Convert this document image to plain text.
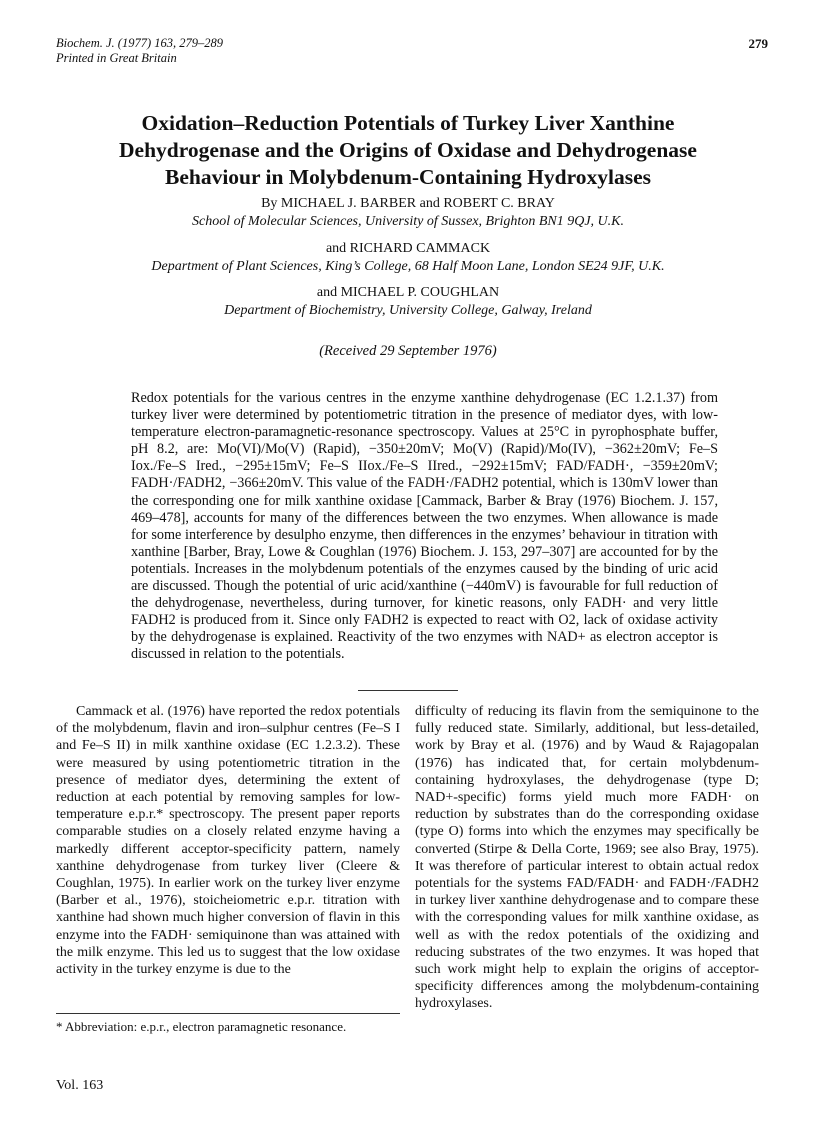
Biochem. J. (1977) 163, 279–289
Printed in Great Britain
279
Oxidation–Reduction Potentials of Turkey Liver Xanthine
Dehydrogenase and the Origins of Oxidase and Dehydrogenase
Behaviour in Molybdenum-Containing Hydroxylases
By MICHAEL J. BARBER and ROBERT C. BRAY
School of Molecular Sciences, University of Sussex, Brighton BN1 9QJ, U.K.
and RICHARD CAMMACK
Department of Plant Sciences, King’s College, 68 Half Moon Lane, London SE24 9JF, U.K.
and MICHAEL P. COUGHLAN
Department of Biochemistry, University College, Galway, Ireland
(Received 29 September 1976)

Redox potentials for the various centres in the enzyme xanthine dehydrogenase (EC 1.2.1.37) from turkey liver were determined by potentiometric titration in the presence of mediator dyes, with low-temperature electron-paramagnetic-resonance spectroscopy. Values at 25°C in pyrophosphate buffer, pH 8.2, are: Mo(VI)/Mo(V) (Rapid), −350±20mV; Mo(V) (Rapid)/Mo(IV), −362±20mV; Fe–S Iox./Fe–S Ired., −295±15mV; Fe–S IIox./Fe–S IIred., −292±15mV; FAD/FADH·, −359±20mV; FADH·/FADH2, −366±20mV. This value of the FADH·/FADH2 potential, which is 130mV lower than the corresponding one for milk xanthine oxidase [Cammack, Barber & Bray (1976) Biochem. J. 157, 469–478], accounts for many of the differences between the two enzymes. When allowance is made for some interference by desulpho enzyme, then differences in the enzymes’ behaviour in titration with xanthine [Barber, Bray, Lowe & Coughlan (1976) Biochem. J. 153, 297–307] are accounted for by the potentials. Increases in the molybdenum potentials of the enzymes caused by the binding of uric acid are discussed. Though the potential of uric acid/xanthine (−440mV) is favourable for full reduction of the dehydrogenase, nevertheless, during turnover, for kinetic reasons, only FADH· and very little FADH2 is produced from it. Since only FADH2 is expected to react with O2, lack of oxidase activity by the dehydrogenase is explained. Reactivity of the two enzymes with NAD+ as electron acceptor is discussed in relation to the potentials.

Cammack et al. (1976) have reported the redox potentials of the molybdenum, flavin and iron–sulphur centres (Fe–S I and Fe–S II) in milk xanthine oxidase (EC 1.2.3.2). These were measured by using potentiometric titration in the presence of mediator dyes, determining the extent of reduction at each potential by removing samples for low-temperature e.p.r.* spectroscopy. The present paper reports comparable studies on a closely related enzyme having a markedly different acceptor-specificity pattern, namely xanthine dehydrogenase from turkey liver (Cleere & Coughlan, 1975). In earlier work on the turkey liver enzyme (Barber et al., 1976), stoicheiometric e.p.r. titration with xanthine had shown much higher conversion of flavin in this enzyme into the FADH· semiquinone than was attained with the milk enzyme. This led us to suggest that the low oxidase activity in the turkey enzyme is due to the

difficulty of reducing its flavin from the semiquinone to the fully reduced state. Similarly, additional, but less-detailed, work by Bray et al. (1976) and by Waud & Rajagopalan (1976) has indicated that, for certain molybdenum-containing hydroxylases, the dehydrogenase (type D; NAD+-specific) forms yield much more FADH· on reduction by substrates than do the corresponding oxidase (type O) forms into which the enzymes may specifically be converted (Stirpe & Della Corte, 1969; see also Bray, 1975). It was therefore of particular interest to obtain actual redox potentials for the systems FAD/FADH· and FADH·/FADH2 in turkey liver xanthine dehydrogenase and to compare these with the corresponding values for milk xanthine oxidase, as well as with the redox potentials of the oxidizing and reducing substrates of the two enzymes. It was hoped that such work might help to explain the origins of acceptor-specificity differences among the molybdenum-containing hydroxylases.

* Abbreviation: e.p.r., electron paramagnetic resonance.
Vol. 163
